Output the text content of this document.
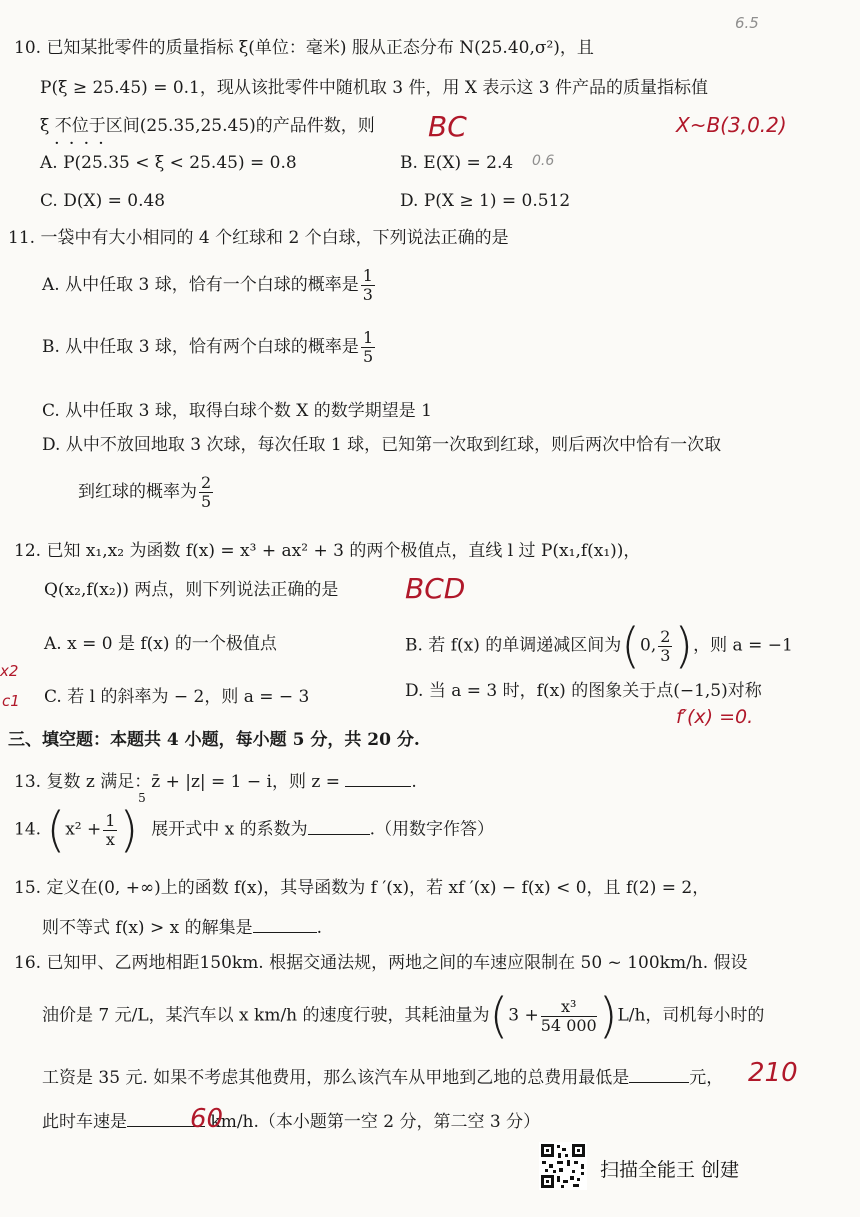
10. 已知某批零件的质量指标 ξ(单位：毫米) 服从正态分布 N(25.40,σ²)，且
P(ξ ≥ 25.45) = 0.1，现从该批零件中随机取 3 件，用 X 表示这 3 件产品的质量指标值
ξ 不位于区间(25.35,25.45)的产品件数，则
····
A. P(25.35 < ξ < 25.45) = 0.8	B. E(X) = 2.4
C. D(X) = 0.48	D. P(X ≥ 1) = 0.512
11. 一袋中有大小相同的 4 个红球和 2 个白球，下列说法正确的是
A. 从中任取 3 球，恰有一个白球的概率是 $\frac{1}{3}$
B. 从中任取 3 球，恰有两个白球的概率是 $\frac{1}{5}$
C. 从中任取 3 球，取得白球个数 X 的数学期望是 1
D. 从中不放回地取 3 次球，每次任取 1 球，已知第一次取到红球，则后两次中恰有一次取
到红球的概率为 $\frac{2}{5}$
12. 已知 x₁,x₂ 为函数 f(x) = x³ + ax² + 3 的两个极值点，直线 l 过 P(x₁,f(x₁))，
Q(x₂,f(x₂)) 两点，则下列说法正确的是
A. x = 0 是 f(x) 的一个极值点	B. 若 f(x) 的单调递减区间为(0, $\frac{2}{3}$ )，则 a = −1
C. 若 l 的斜率为 − 2，则 a = − 3	D. 当 a = 3 时，f(x) 的图象关于点(−1,5)对称
三、填空题：本题共 4 小题，每小题 5 分，共 20 分.
13. 复数 z 满足：z̄ + |z| = 1 − i，则 z =	.
14. $(x^2 + \frac{1}{x} )^5$ 展开式中 x 的系数为	.（用数字作答）
15. 定义在(0, +∞)上的函数 f(x)，其导函数为 f ′(x)，若 xf ′(x) − f(x) < 0，且 f(2) = 2，
则不等式 f(x) > x 的解集是	.
16. 已知甲、乙两地相距150km. 根据交通法规，两地之间的车速应限制在 50 ~ 100km/h. 假设
油价是 7 元/L，某汽车以 x km/h 的速度行驶，其耗油量为$(3 + \frac{\text{x³}}{54 000} )L/h$，司机每小时的
工资是 35 元. 如果不考虑其他费用，那么该汽车从甲地到乙地的总费用最低是	元，
此时车速是	km/h.（本小题第一空 2 分，第二空 3 分）
6.5
BC	X~B(3,0.2)
0.6
BCD
x2
c1
f′(x) =0.
210
60
扫描全能王 创建
